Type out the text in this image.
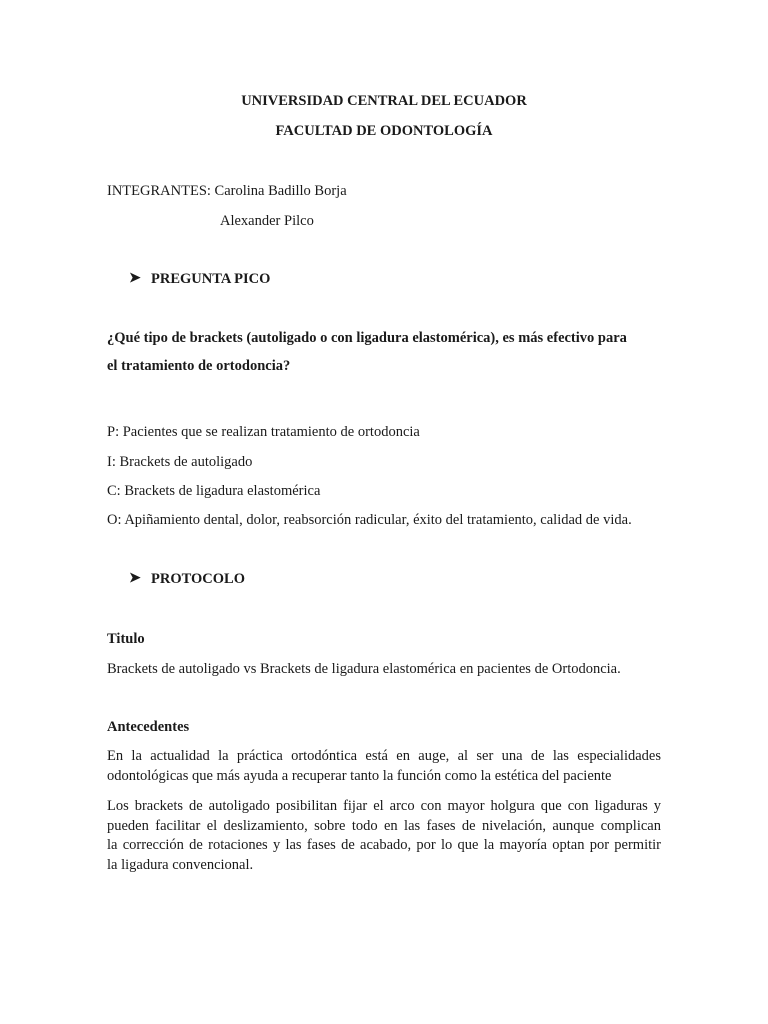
UNIVERSIDAD CENTRAL DEL ECUADOR
FACULTAD DE ODONTOLOGÍA
INTEGRANTES: Carolina Badillo Borja
Alexander Pilco
➤ PREGUNTA PICO
¿Qué tipo de brackets (autoligado o con ligadura elastomérica), es más efectivo para
el tratamiento de ortodoncia?
P: Pacientes que se realizan tratamiento de ortodoncia
I: Brackets de autoligado
C: Brackets de ligadura elastomérica
O: Apiñamiento dental, dolor, reabsorción radicular, éxito del tratamiento, calidad de vida.
➤ PROTOCOLO
Titulo
Brackets de autoligado vs Brackets de ligadura elastomérica en pacientes de Ortodoncia.
Antecedentes
En la actualidad la práctica ortodóntica está en auge, al ser una de las especialidades
odontológicas que más ayuda a recuperar tanto la función como la estética del paciente
Los brackets de autoligado posibilitan fijar el arco con mayor holgura que con ligaduras y
pueden facilitar el deslizamiento, sobre todo en las fases de nivelación, aunque complican
la corrección de rotaciones y las fases de acabado, por lo que la mayoría optan por permitir
la ligadura convencional.
